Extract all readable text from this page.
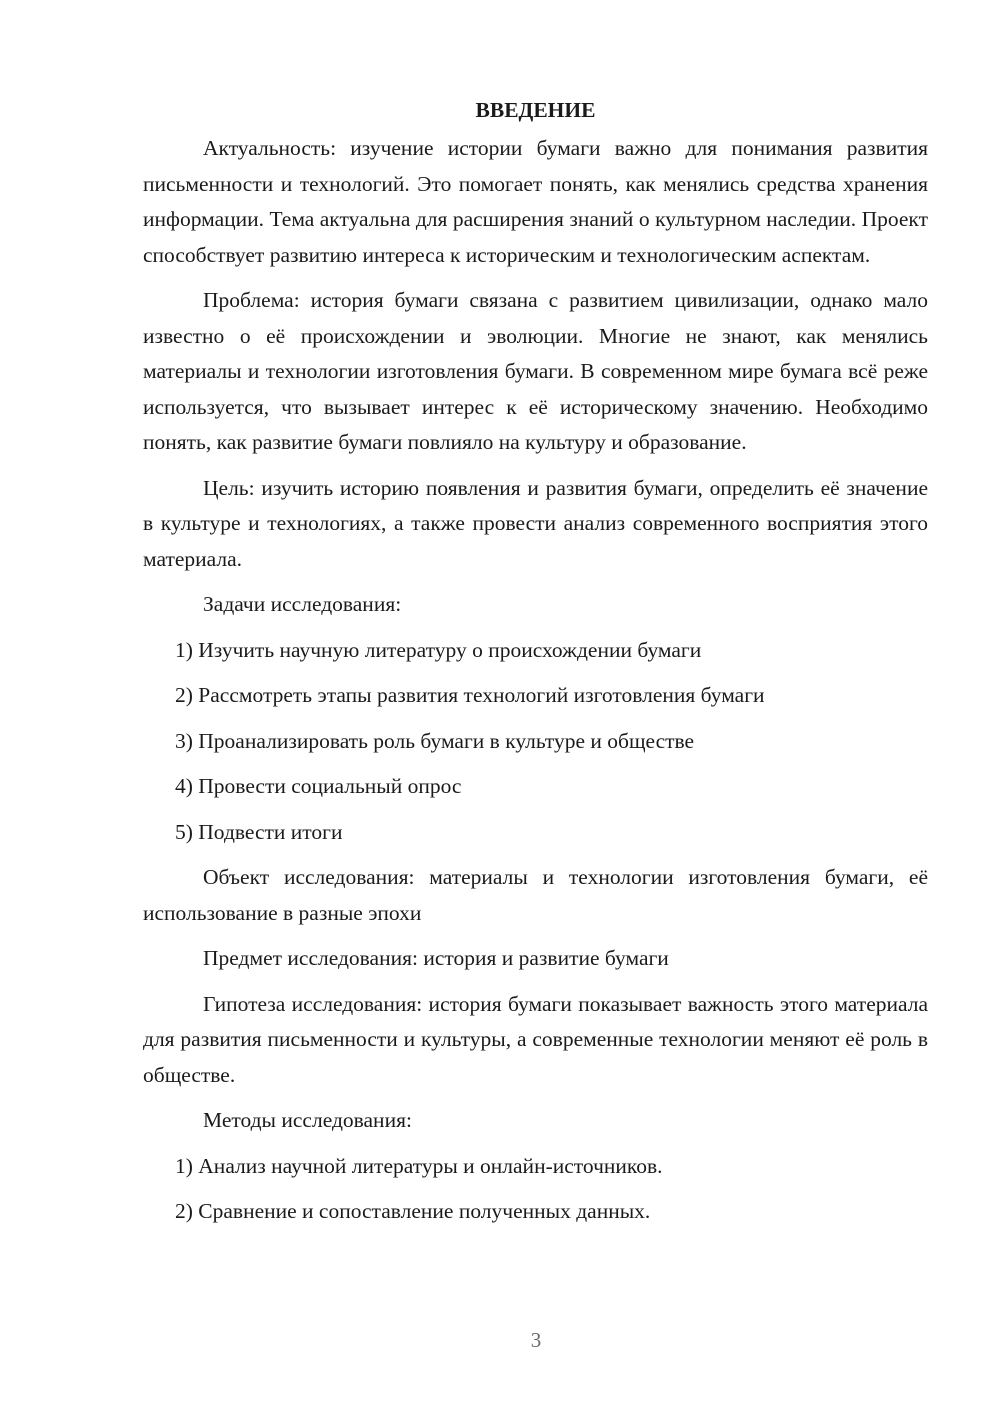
ВВЕДЕНИЕ

Актуальность: изучение истории бумаги важно для понимания развития письменности и технологий. Это помогает понять, как менялись средства хранения информации. Тема актуальна для расширения знаний о культурном наследии. Проект способствует развитию интереса к историческим и технологическим аспектам.

Проблема: история бумаги связана с развитием цивилизации, однако мало известно о её происхождении и эволюции. Многие не знают, как менялись материалы и технологии изготовления бумаги. В современном мире бумага всё реже используется, что вызывает интерес к её историческому значению. Необходимо понять, как развитие бумаги повлияло на культуру и образование.

Цель: изучить историю появления и развития бумаги, определить её значение в культуре и технологиях, а также провести анализ современного восприятия этого материала.

Задачи исследования:
1) Изучить научную литературу о происхождении бумаги
2) Рассмотреть этапы развития технологий изготовления бумаги
3) Проанализировать роль бумаги в культуре и обществе
4) Провести социальный опрос
5) Подвести итоги

Объект исследования: материалы и технологии изготовления бумаги, её использование в разные эпохи

Предмет исследования: история и развитие бумаги

Гипотеза исследования: история бумаги показывает важность этого материала для развития письменности и культуры, а современные технологии меняют её роль в обществе.

Методы исследования:
1) Анализ научной литературы и онлайн-источников.
2) Сравнение и сопоставление полученных данных.
3
